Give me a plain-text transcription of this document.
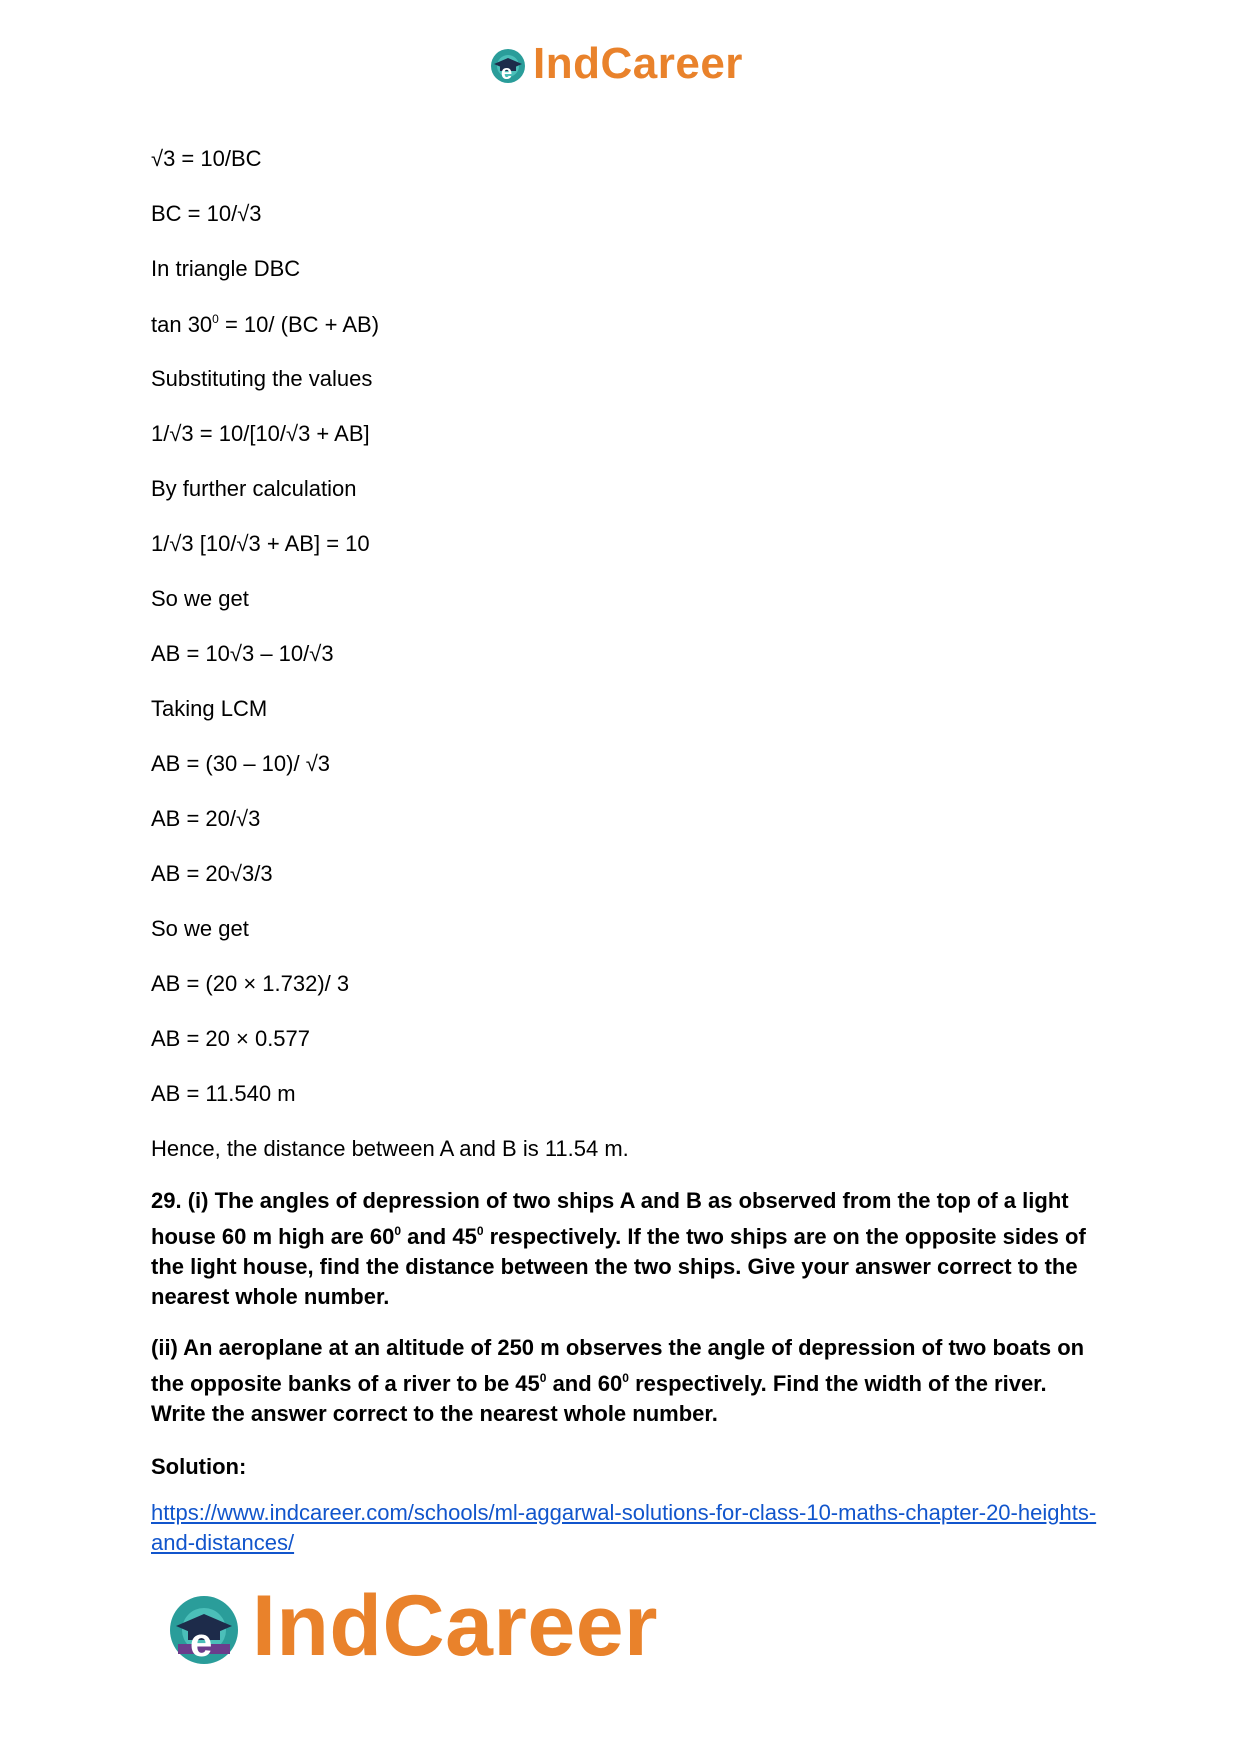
e IndCareer
√3 = 10/BC
BC = 10/√3
In triangle DBC
$\tan 30^0 = 10/$ (BC + AB)
Substituting the values
1/√3 = 10/[10/√3 + AB]
By further calculation
1/√3 [10/√3 + AB] = 10
So we get
AB = 10√3 – 10/√3
Taking LCM
AB = (30 – 10)/ √3
AB = 20/√3
AB = 20√3/3
So we get
AB = (20 × 1.732)/ 3
AB = 20 × 0.577
AB = 11.540 m
Hence, the distance between A and B is 11.54 m.
29. (i) The angles of depression of two ships A and B as observed from the top of a light house 60 m high are $60^0$ and $45^0$ respectively. If the two ships are on the opposite sides of the light house, find the distance between the two ships. Give your answer correct to the nearest whole number.
(ii) An aeroplane at an altitude of 250 m observes the angle of depression of two boats on the opposite banks of a river to be $45^0$ and $60^0$ respectively. Find the width of the river. Write the answer correct to the nearest whole number.
Solution:
https://www.indcareer.com/schools/ml-aggarwal-solutions-for-class-10-maths-chapter-20-heights-and-distances/
e IndCareer
